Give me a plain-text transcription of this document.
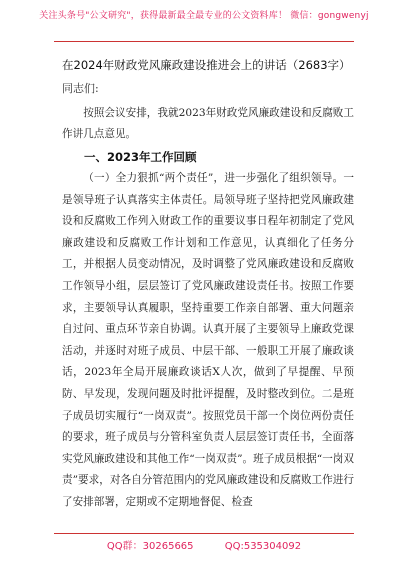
关注头条号"公文研究"，获得最新最全最专业的公文资料库！ 微信：gongwenyj
在2024年财政党风廉政建设推进会上的讲话（2683字）
同志们:
按照会议安排，我就2023年财政党风廉政建设和反腐败工作讲几点意见。
一、2023年工作回顾
（一）全力狠抓“两个责任”，进一步强化了组织领导。一是领导班子认真落实主体责任。局领导班子坚持把党风廉政建设和反腐败工作列入财政工作的重要议事日程年初制定了党风廉政建设和反腐败工作计划和工作意见，认真细化了任务分工，并根据人员变动情况，及时调整了党风廉政建设和反腐败工作领导小组，层层签订了党风廉政建设责任书。按照工作要求，主要领导认真履职，坚持重要工作亲自部署、重大问题亲自过问、重点环节亲自协调。认真开展了主要领导上廉政党课活动，并逐时对班子成员、中层干部、一般职工开展了廉政谈话，2023年全局开展廉政谈话X人次，做到了早提醒、早预防、早发现，发现问题及时批评提醒，及时整改到位。二是班子成员切实履行“一岗双责”。按照党员干部一个岗位两份责任的要求，班子成员与分管科室负责人层层签订责任书，全面落实党风廉政建设和其他工作“一岗双责”。班子成员根据“一岗双责”要求，对各自分管范围内的党风廉政建设和反腐败工作进行了安排部署，定期或不定期地督促、检查
QQ群：30265665	QQ:535304092
